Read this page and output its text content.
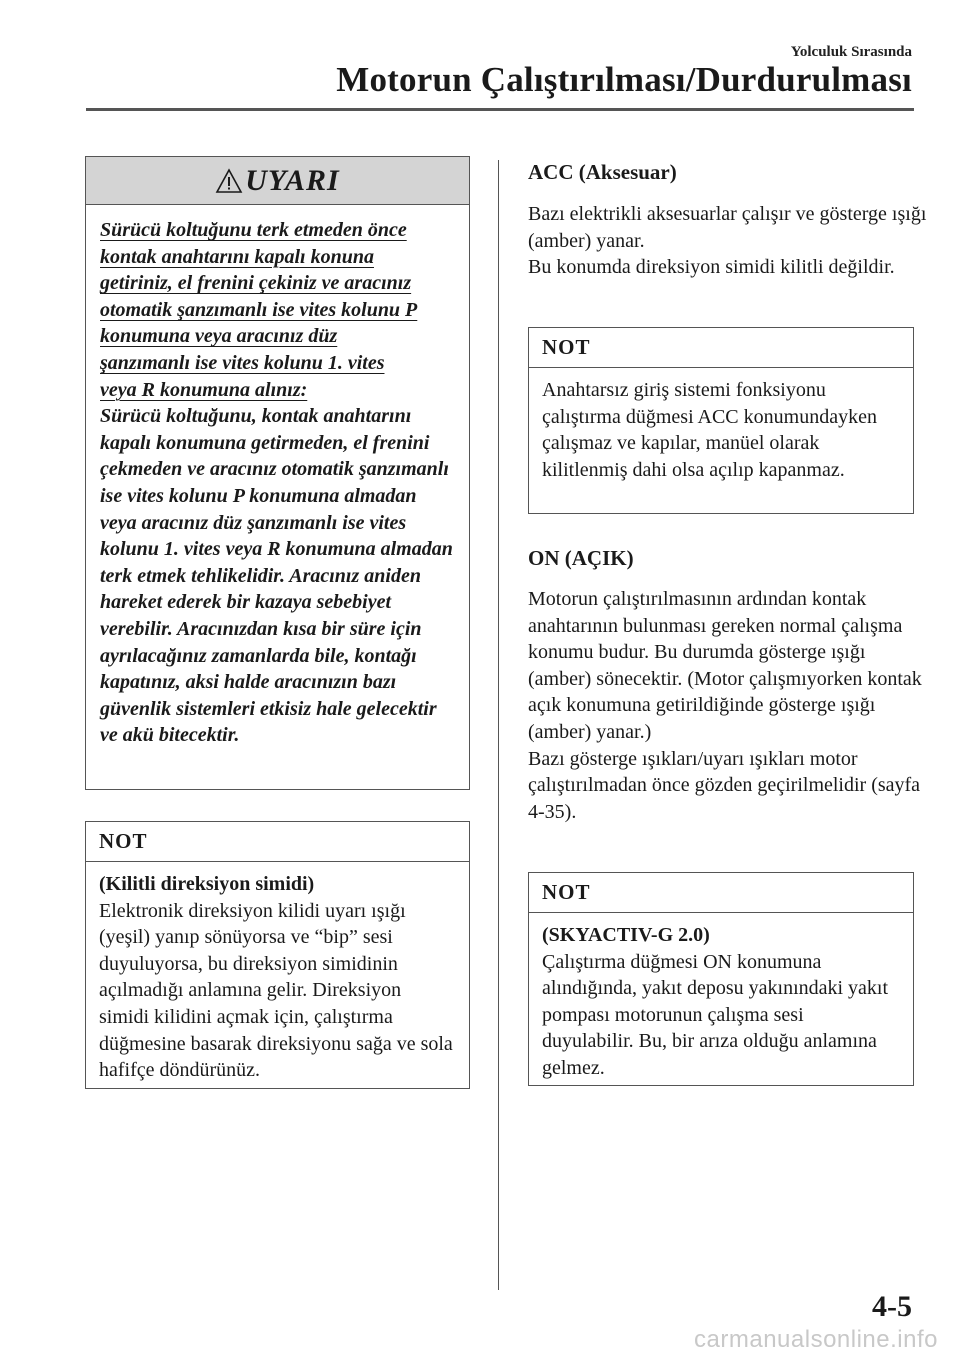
Yolculuk Sırasında
Motorun Çalıştırılması/Durdurulması
UYARI
Sürücü koltuğunu terk etmeden önce
kontak anahtarını kapalı konuna
getiriniz, el frenini çekiniz ve aracınız
otomatik şanzımanlı ise vites kolunu P
konumuna veya aracınız düz
şanzımanlı ise vites kolunu 1. vites
veya R konumuna alınız:
Sürücü koltuğunu, kontak anahtarını kapalı konumuna getirmeden, el frenini çekmeden ve aracınız otomatik şanzımanlı ise vites kolunu P konumuna almadan veya aracınız düz şanzımanlı ise vites kolunu 1. vites veya R konumuna almadan terk etmek tehlikelidir. Aracınız aniden hareket ederek bir kazaya sebebiyet verebilir. Aracınızdan kısa bir süre için ayrılacağınız zamanlarda bile, kontağı kapatınız, aksi halde aracınızın bazı güvenlik sistemleri etkisiz hale gelecektir ve akü bitecektir.
NOT
(Kilitli direksiyon simidi)
Elektronik direksiyon kilidi uyarı ışığı (yeşil) yanıp sönüyorsa ve “bip” sesi duyuluyorsa, bu direksiyon simidinin açılmadığı anlamına gelir. Direksiyon simidi kilidini açmak için, çalıştırma düğmesine basarak direksiyonu sağa ve sola hafifçe döndürünüz.
ACC (Aksesuar)
Bazı elektrikli aksesuarlar çalışır ve gösterge ışığı (amber) yanar.
Bu konumda direksiyon simidi kilitli değildir.
NOT
Anahtarsız giriş sistemi fonksiyonu çalıştırma düğmesi ACC konumundayken çalışmaz ve kapılar, manüel olarak kilitlenmiş dahi olsa açılıp kapanmaz.
ON (AÇIK)
Motorun çalıştırılmasının ardından kontak anahtarının bulunması gereken normal çalışma konumu budur. Bu durumda gösterge ışığı (amber) sönecektir. (Motor çalışmıyorken kontak açık konumuna getirildiğinde gösterge ışığı (amber) yanar.)
Bazı gösterge ışıkları/uyarı ışıkları motor çalıştırılmadan önce gözden geçirilmelidir (sayfa 4-35).
NOT
(SKYACTIV-G 2.0)
Çalıştırma düğmesi ON konumuna alındığında, yakıt deposu yakınındaki yakıt pompası motorunun çalışma sesi duyulabilir. Bu, bir arıza olduğu anlamına gelmez.
4-5
carmanualsonline.info
